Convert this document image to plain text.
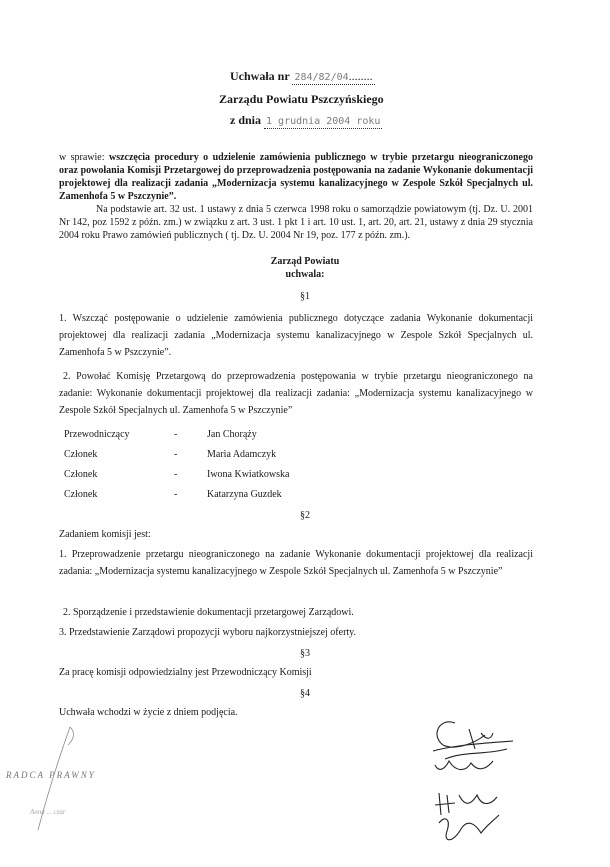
Uchwała nr 284/82/04........
Zarządu Powiatu Pszczyńskiego
z dnia 1 grudnia 2004 roku
w sprawie: wszczęcia procedury o udzielenie zamówienia publicznego w trybie przetargu nieograniczonego oraz powołania Komisji Przetargowej do przeprowadzenia postępowania na zadanie Wykonanie dokumentacji projektowej dla realizacji zadania „Modernizacja systemu kanalizacyjnego w Zespole Szkół Specjalnych ul. Zamenhofa 5 w Pszczynie”.
Na podstawie art. 32 ust. 1 ustawy z dnia 5 czerwca 1998 roku o samorządzie powiatowym (tj. Dz. U. 2001 Nr 142, poz 1592 z późn. zm.) w związku z art. 3 ust. 1 pkt 1 i art. 10 ust. 1, art. 20, art. 21, ustawy z dnia 29 stycznia 2004 roku Prawo zamówień publicznych ( tj. Dz. U. 2004 Nr 19, poz. 177 z późn. zm.).
Zarząd Powiatu
uchwala:
§1
1. Wszcząć postępowanie o udzielenie zamówienia publicznego dotyczące zadania Wykonanie dokumentacji projektowej dla realizacji zadania „Modernizacja systemu kanalizacyjnego w Zespole Szkół Specjalnych ul. Zamenhofa 5 w Pszczynie”.
2. Powołać Komisję Przetargową do przeprowadzenia postępowania w trybie przetargu nieograniczonego na zadanie: Wykonanie dokumentacji projektowej dla realizacji zadania: „Modernizacja systemu kanalizacyjnego w Zespole Szkół Specjalnych ul. Zamenhofa 5 w Pszczynie”
Przewodniczący	-	Jan Chorąży
Członek	-	Maria Adamczyk
Członek	-	Iwona Kwiatkowska
Członek	-	Katarzyna Guzdek
§2
Zadaniem komisji jest:
1. Przeprowadzenie przetargu nieograniczonego na zadanie Wykonanie dokumentacji projektowej dla realizacji zadania: „Modernizacja systemu kanalizacyjnego w Zespole Szkół Specjalnych ul. Zamenhofa 5 w Pszczynie”
2. Sporządzenie i przedstawienie dokumentacji przetargowej Zarządowi.
3. Przedstawienie Zarządowi propozycji wyboru najkorzystniejszej oferty.
§3
Za pracę komisji odpowiedzialny jest Przewodniczący Komisji
§4
Uchwała wchodzi w życie z dniem podjęcia.
RADCA PRAWNY
Anna ... czar
